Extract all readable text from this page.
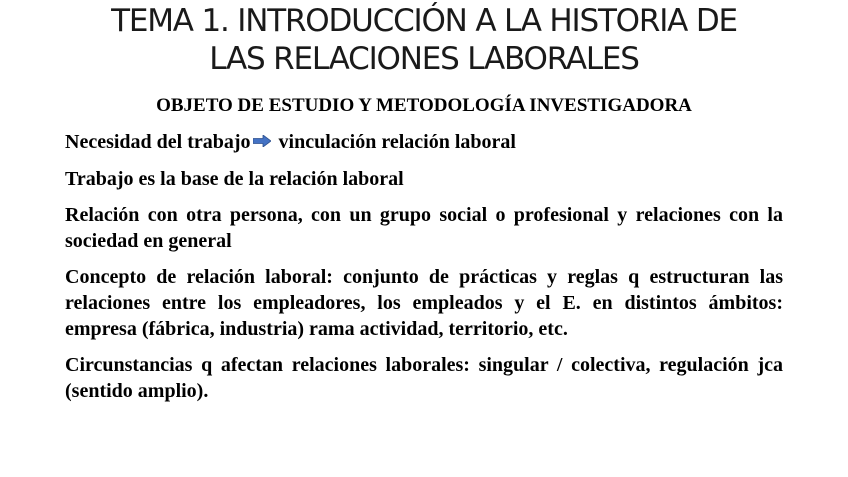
TEMA 1. INTRODUCCIÓN A LA HISTORIA DE
LAS RELACIONES LABORALES
OBJETO DE ESTUDIO Y METODOLOGÍA INVESTIGADORA

Necesidad del trabajo vinculación relación laboral

Trabajo es la base de la relación laboral

Relación con otra persona, con un grupo social o profesional y relaciones con la sociedad en general

Concepto de relación laboral: conjunto de prácticas y reglas q estructuran las relaciones entre los empleadores, los empleados y el E. en distintos ámbitos: empresa (fábrica, industria) rama actividad, territorio, etc.

Circunstancias q afectan relaciones laborales: singular / colectiva, regulación jca (sentido amplio).
